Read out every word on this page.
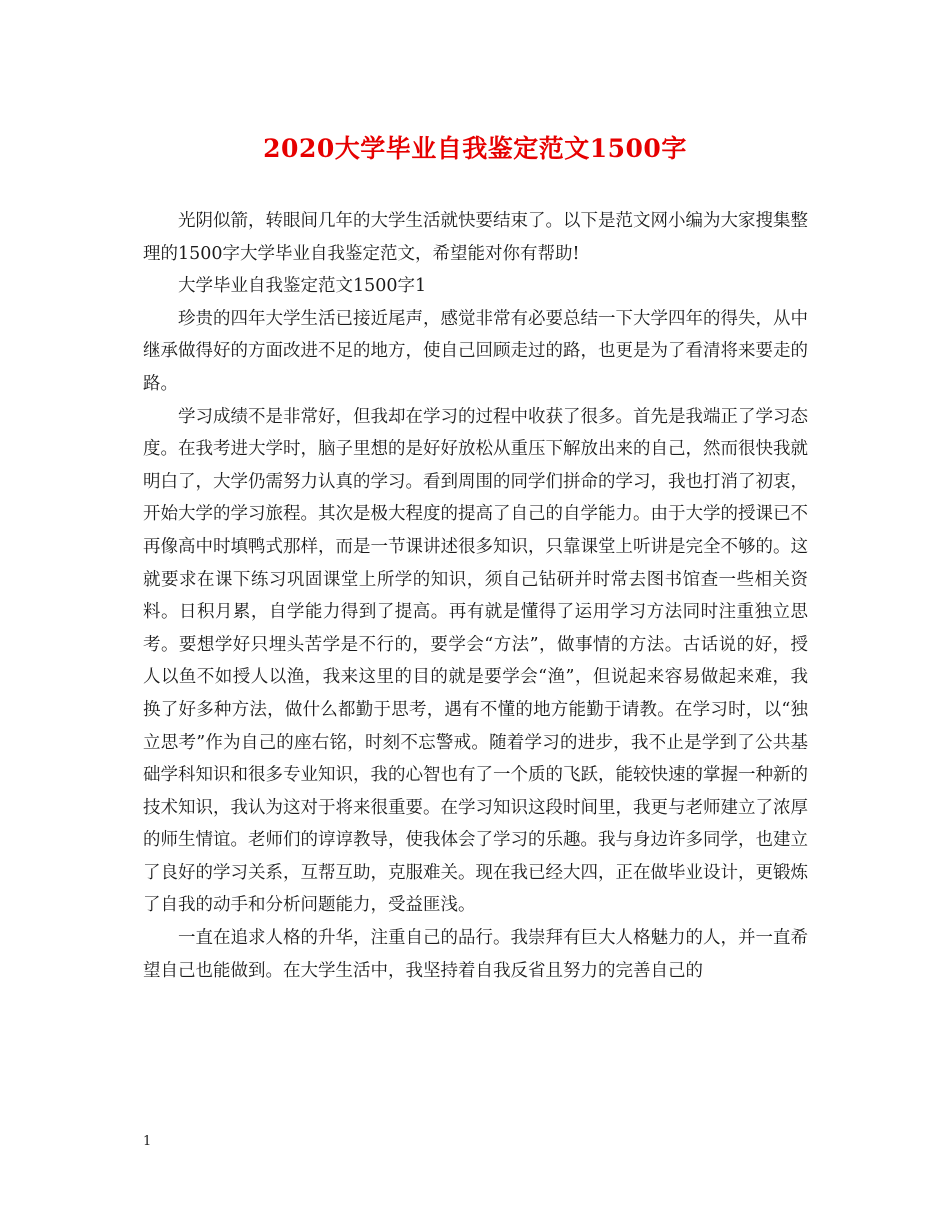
2020大学毕业自我鉴定范文1500字

光阴似箭，转眼间几年的大学生活就快要结束了。以下是范文网小编为大家搜集整理的1500字大学毕业自我鉴定范文，希望能对你有帮助!

大学毕业自我鉴定范文1500字1

珍贵的四年大学生活已接近尾声，感觉非常有必要总结一下大学四年的得失，从中继承做得好的方面改进不足的地方，使自己回顾走过的路，也更是为了看清将来要走的路。

学习成绩不是非常好，但我却在学习的过程中收获了很多。首先是我端正了学习态度。在我考进大学时，脑子里想的是好好放松从重压下解放出来的自己，然而很快我就明白了，大学仍需努力认真的学习。看到周围的同学们拼命的学习，我也打消了初衷，开始大学的学习旅程。其次是极大程度的提高了自己的自学能力。由于大学的授课已不再像高中时填鸭式那样，而是一节课讲述很多知识，只靠课堂上听讲是完全不够的。这就要求在课下练习巩固课堂上所学的知识，须自己钻研并时常去图书馆查一些相关资料。日积月累，自学能力得到了提高。再有就是懂得了运用学习方法同时注重独立思考。要想学好只埋头苦学是不行的，要学会“方法”，做事情的方法。古话说的好，授人以鱼不如授人以渔，我来这里的目的就是要学会“渔”，但说起来容易做起来难，我换了好多种方法，做什么都勤于思考，遇有不懂的地方能勤于请教。在学习时，以“独立思考”作为自己的座右铭，时刻不忘警戒。随着学习的进步，我不止是学到了公共基础学科知识和很多专业知识，我的心智也有了一个质的飞跃，能较快速的掌握一种新的技术知识，我认为这对于将来很重要。在学习知识这段时间里，我更与老师建立了浓厚的师生情谊。老师们的谆谆教导，使我体会了学习的乐趣。我与身边许多同学，也建立了良好的学习关系，互帮互助，克服难关。现在我已经大四，正在做毕业设计，更锻炼了自我的动手和分析问题能力，受益匪浅。

一直在追求人格的升华，注重自己的品行。我崇拜有巨大人格魅力的人，并一直希望自己也能做到。在大学生活中，我坚持着自我反省且努力的完善自己的

1
